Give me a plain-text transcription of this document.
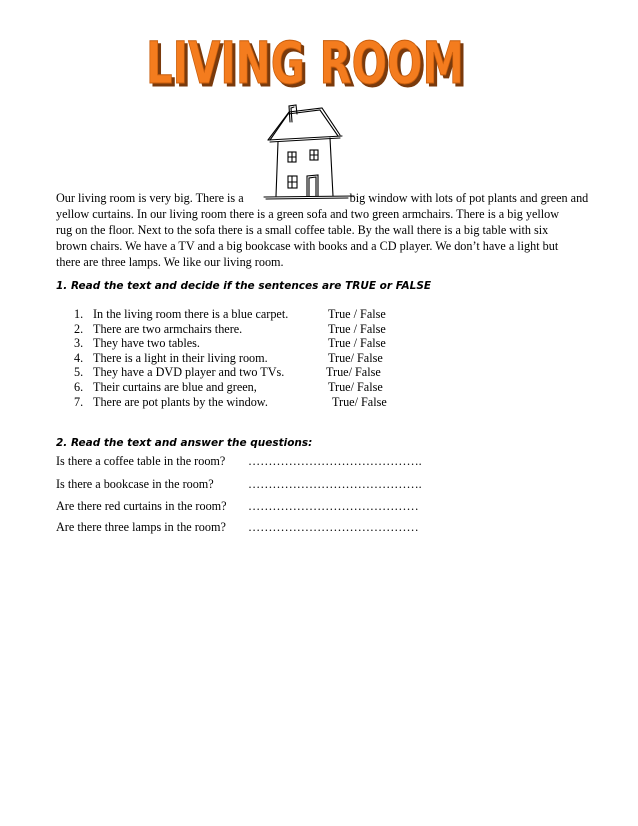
LIVING ROOM
LIVING ROOM
Our living room is very big. There is a	big window with lots of pot plants and green and
yellow curtains. In our living room there is a green sofa and two green armchairs. There is a big yellow
rug on the floor. Next to the sofa there is a small coffee table. By the wall there is a big table with six
brown chairs. We have a TV and a big bookcase with books and a CD player. We don’t have a light but
there are three lamps. We like our living room.
1. Read the text and decide if the sentences are TRUE or FALSE
1. In the living room there is a blue carpet.	True / False
2. There are two armchairs there.	True / False
3. They have two tables.	True / False
4. There is a light in their living room.	True/ False
5. They have a DVD player and two TVs.	True/ False
6. Their curtains are blue and green,	True/ False
7. There are pot plants by the window.	True/ False
2. Read the text and answer the questions:
Is there a coffee table in the room? …………………………………….
Is there a bookcase in the room?	…………………………………….
Are there red curtains in the room? ……………………………………
Are there three lamps in the room? ……………………………………
